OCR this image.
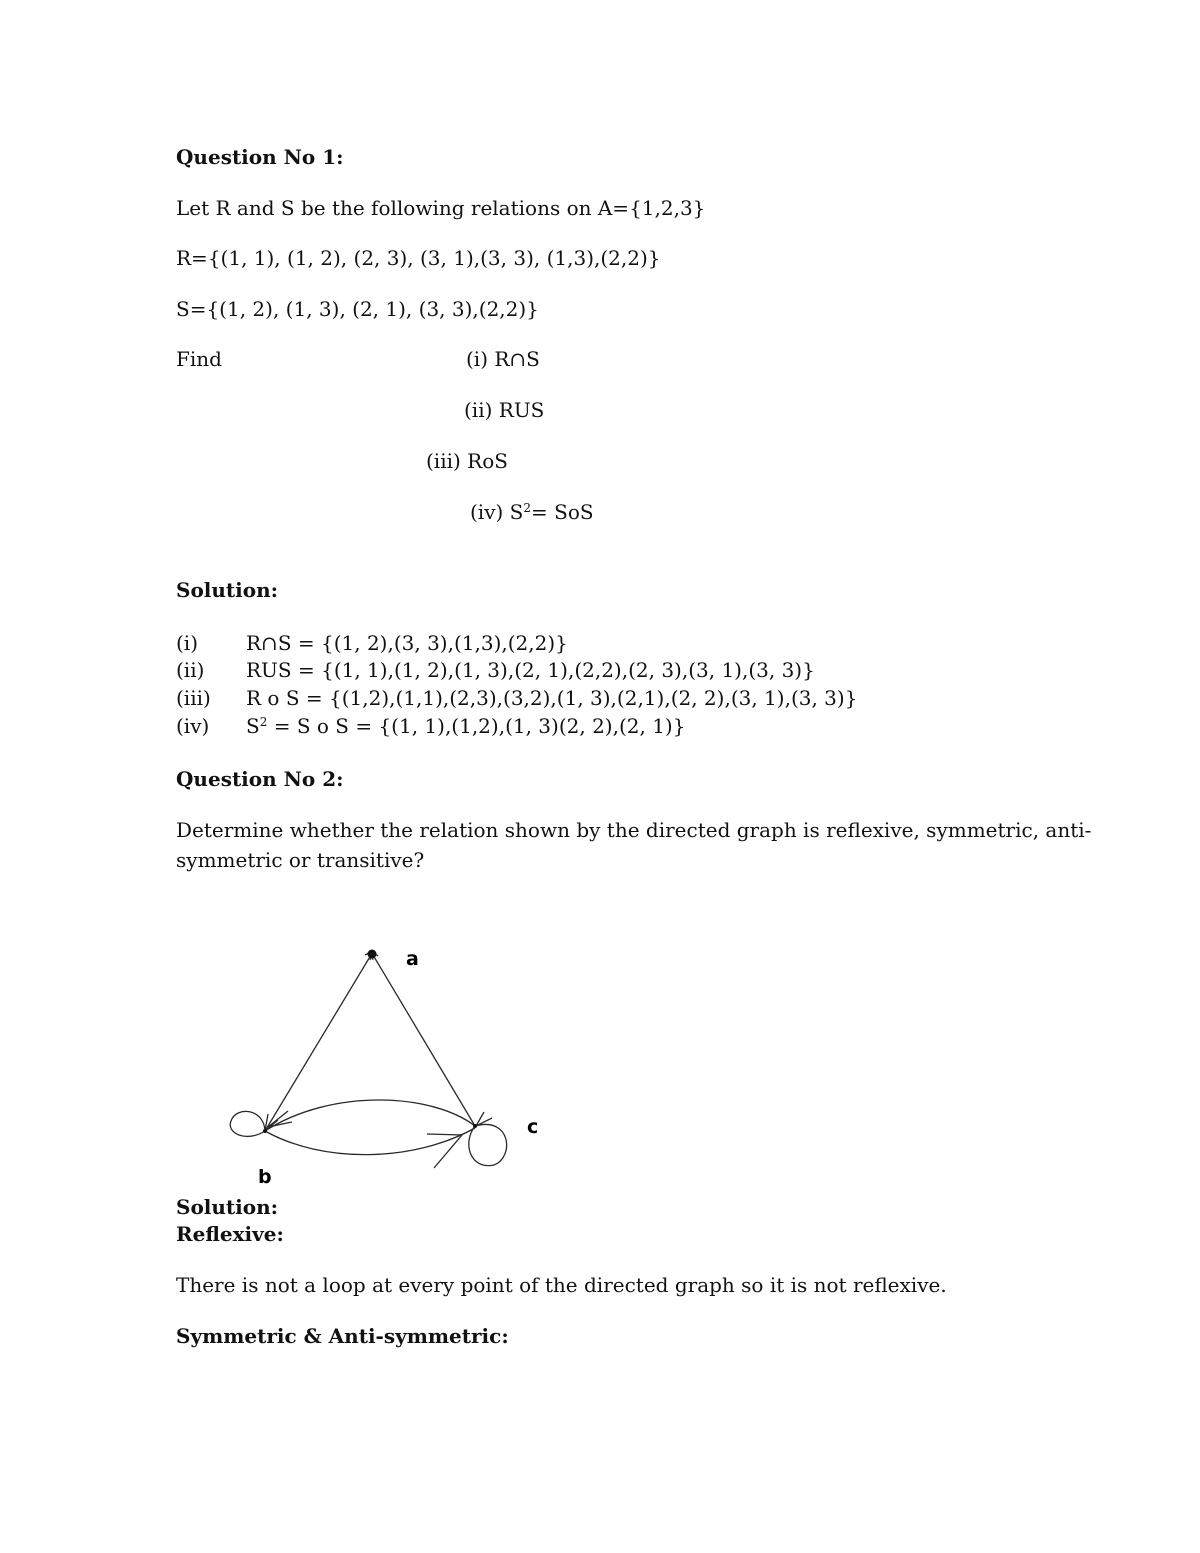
Question No 1:
Let R and S be the following relations on A={1,2,3}
R={(1, 1), (1, 2), (2, 3), (3, 1),(3, 3), (1,3),(2,2)}
S={(1, 2), (1, 3), (2, 1), (3, 3),(2,2)}
Find	(i) R∩S
(ii) RUS
(iii) RoS
(iv) $S^2=$ SoS
Solution:
(i) R∩S = {(1, 2),(3, 3),(1,3),(2,2)}
(ii) RUS = {(1, 1),(1, 2),(1, 3),(2, 1),(2,2),(2, 3),(3, 1),(3, 3)}
(iii) R o S = {(1,2),(1,1),(2,3),(3,2),(1, 3),(2,1),(2, 2),(3, 1),(3, 3)}
(iv) $S^2 = S$ o S = {(1, 1),(1,2),(1, 3)(2, 2),(2, 1)}
Question No 2:
Determine whether the relation shown by the directed graph is reflexive, symmetric, anti-
symmetric or transitive?
a
b
c
Solution:
Reflexive:
There is not a loop at every point of the directed graph so it is not reflexive.
Symmetric & Anti-symmetric:
